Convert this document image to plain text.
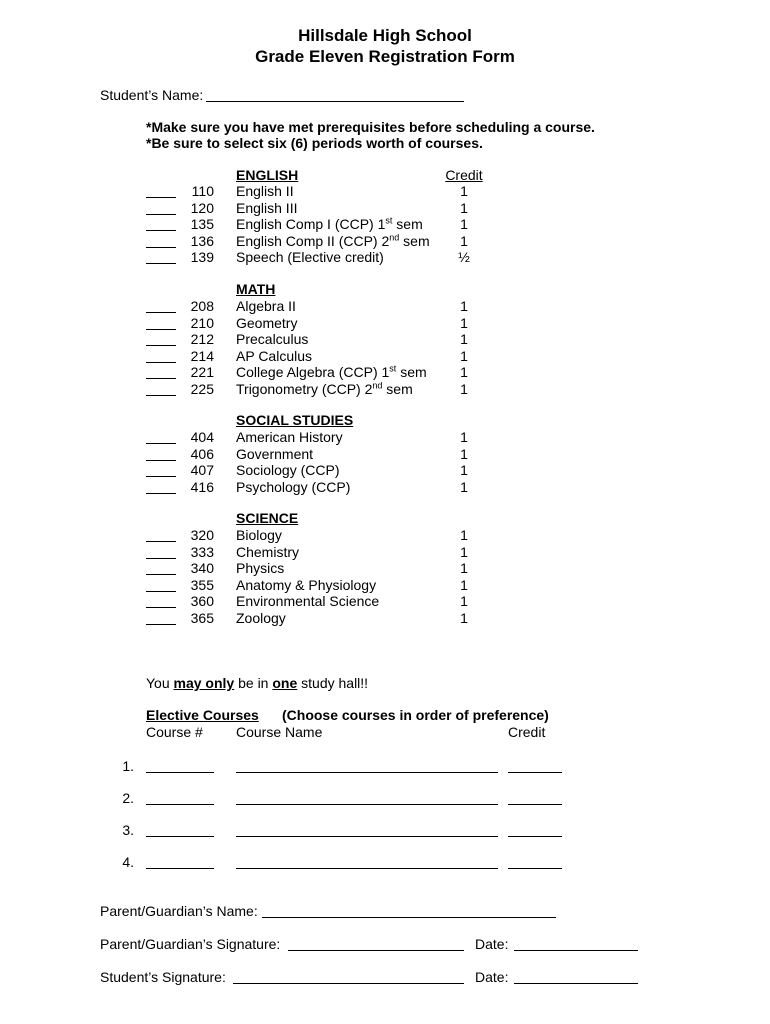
Hillsdale High School
Grade Eleven Registration Form
Student’s Name:
*Make sure you have met prerequisites before scheduling a course.
*Be sure to select six (6) periods worth of courses.
ENGLISH	Credit
110 English II	1
120 English III	1
135 English Comp I (CCP) 1st sem	1
136 English Comp II (CCP) 2nd sem	1
139 Speech (Elective credit)	½
MATH
208 Algebra II	1
210 Geometry	1
212 Precalculus	1
214 AP Calculus	1
221 College Algebra (CCP) 1st sem	1
225 Trigonometry (CCP) 2nd sem	1
SOCIAL STUDIES
404 American History	1
406 Government	1
407 Sociology (CCP)	1
416 Psychology (CCP)	1
SCIENCE
320 Biology	1
333 Chemistry	1
340 Physics	1
355 Anatomy & Physiology	1
360 Environmental Science	1
365 Zoology	1
You may only be in one study hall!!
Elective Courses (Choose courses in order of preference)
Course # Course Name	Credit
1.
2.
3.
4.
Parent/Guardian’s Name:
Parent/Guardian’s Signature:	Date:
Student’s Signature:	Date:
